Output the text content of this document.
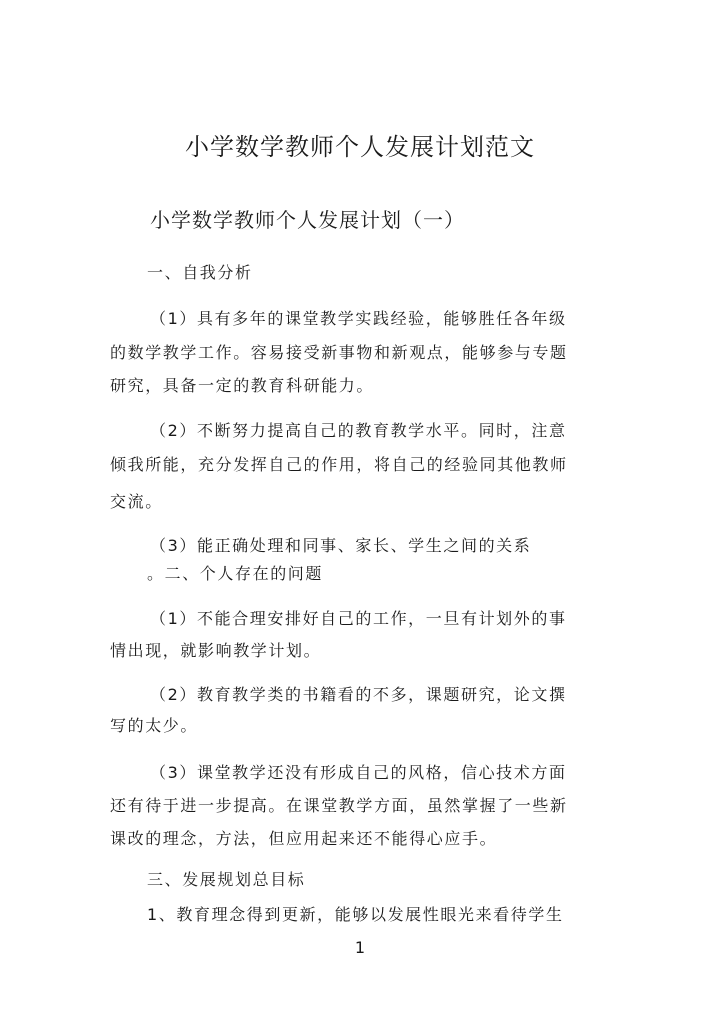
小学数学教师个人发展计划范文
小学数学教师个人发展计划（一）

一、自我分析

（1）具有多年的课堂教学实践经验，能够胜任各年级

的数学教学工作。容易接受新事物和新观点，能够参与专题

研究，具备一定的教育科研能力。

（2）不断努力提高自己的教育教学水平。同时，注意

倾我所能，充分发挥自己的作用，将自己的经验同其他教师

交流。

（3）能正确处理和同事、家长、学生之间的关系

。二、个人存在的问题

（1）不能合理安排好自己的工作，一旦有计划外的事

情出现，就影响教学计划。

（2）教育教学类的书籍看的不多，课题研究，论文撰

写的太少。

（3）课堂教学还没有形成自己的风格，信心技术方面

还有待于进一步提高。在课堂教学方面，虽然掌握了一些新

课改的理念，方法，但应用起来还不能得心应手。

三、发展规划总目标

1、教育理念得到更新，能够以发展性眼光来看待学生

1
